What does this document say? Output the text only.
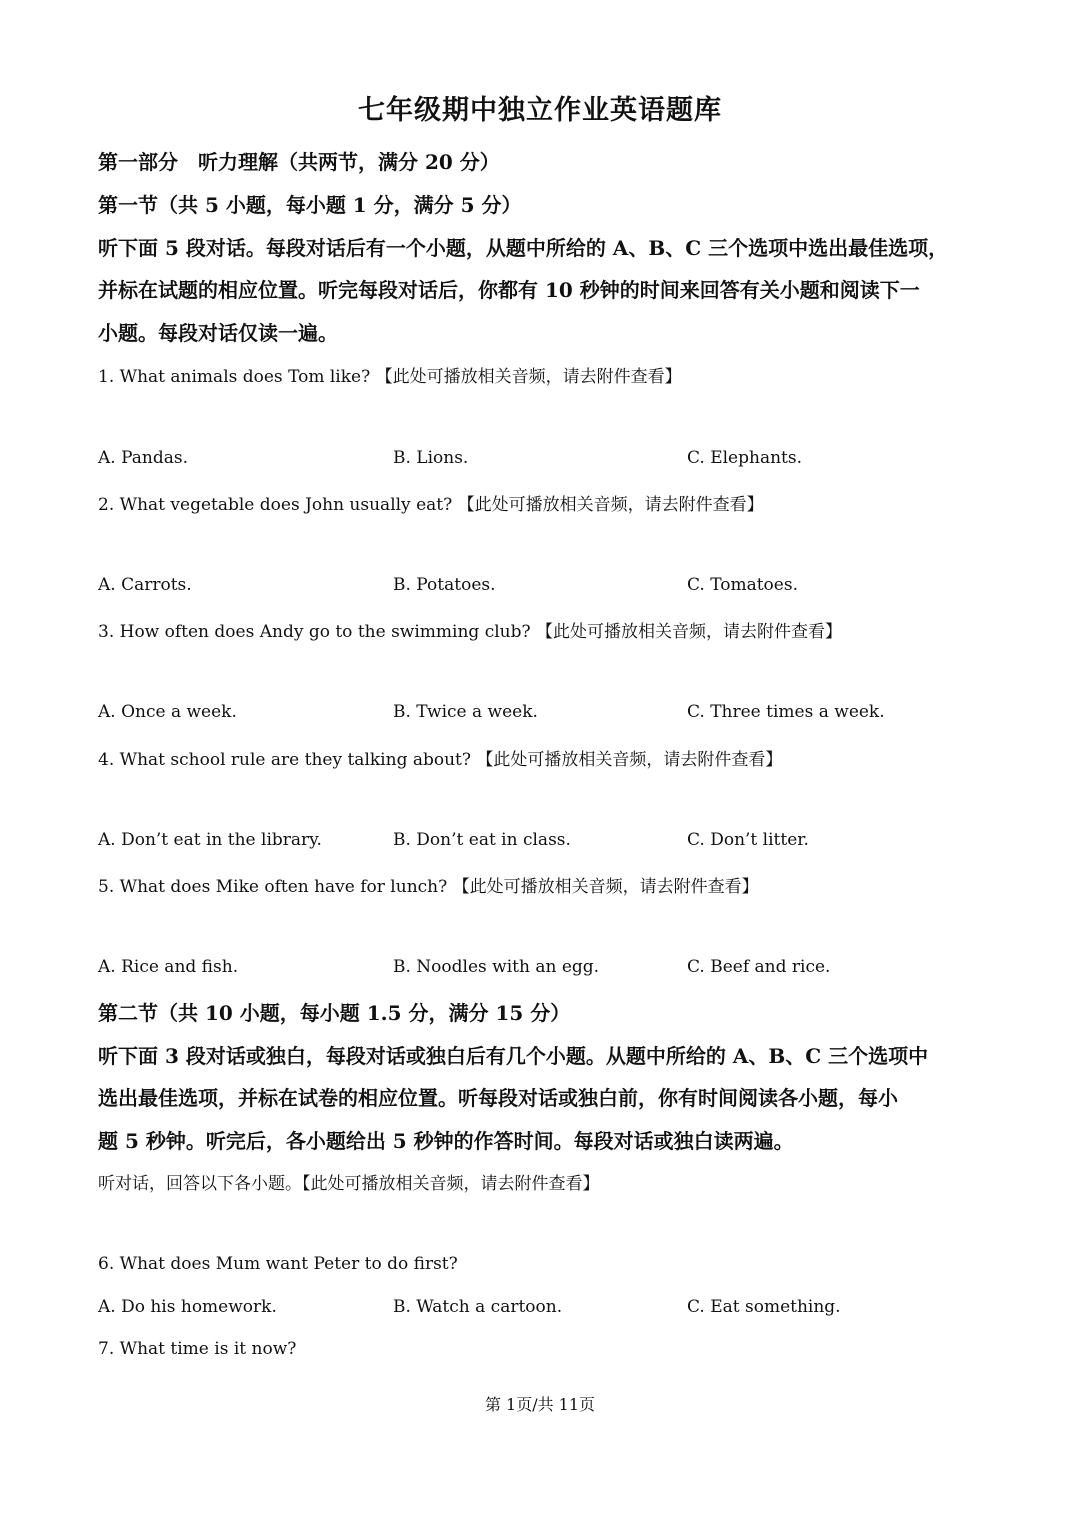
七年级期中独立作业英语题库
第一部分　听力理解（共两节，满分 20 分）
第一节（共 5 小题，每小题 1 分，满分 5 分）
听下面 5 段对话。每段对话后有一个小题，从题中所给的 A、B、C 三个选项中选出最佳选项，
并标在试题的相应位置。听完每段对话后，你都有 10 秒钟的时间来回答有关小题和阅读下一
小题。每段对话仅读一遍。
1. What animals does Tom like? 【此处可播放相关音频，请去附件查看】
A. Pandas.	B. Lions.	C. Elephants.
2. What vegetable does John usually eat? 【此处可播放相关音频，请去附件查看】
A. Carrots.	B. Potatoes.	C. Tomatoes.
3. How often does Andy go to the swimming club? 【此处可播放相关音频，请去附件查看】
A. Once a week.	B. Twice a week.	C. Three times a week.
4. What school rule are they talking about? 【此处可播放相关音频，请去附件查看】
A. Don’t eat in the library.	B. Don’t eat in class.	C. Don’t litter.
5. What does Mike often have for lunch? 【此处可播放相关音频，请去附件查看】
A. Rice and fish.	B. Noodles with an egg.	C. Beef and rice.
第二节（共 10 小题，每小题 1.5 分，满分 15 分）
听下面 3 段对话或独白，每段对话或独白后有几个小题。从题中所给的 A、B、C 三个选项中
选出最佳选项，并标在试卷的相应位置。听每段对话或独白前，你有时间阅读各小题，每小
题 5 秒钟。听完后，各小题给出 5 秒钟的作答时间。每段对话或独白读两遍。
听对话，回答以下各小题。【此处可播放相关音频，请去附件查看】
6. What does Mum want Peter to do first?
A. Do his homework.	B. Watch a cartoon.	C. Eat something.
7. What time is it now?
第 1页/共 11页
